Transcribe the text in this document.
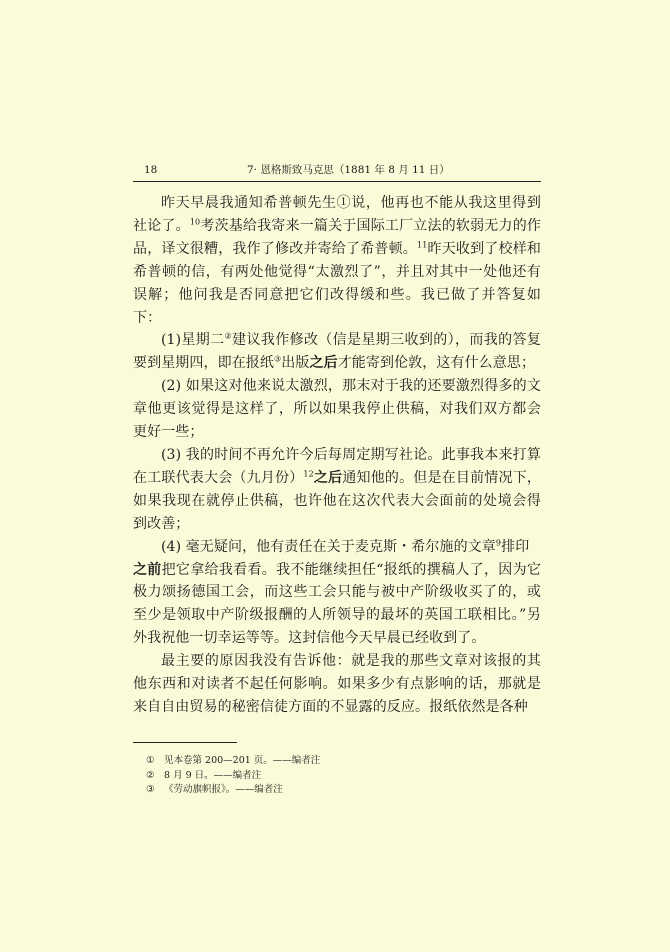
18	7· 恩格斯致马克思（1881 年 8 月 11 日）

昨天早晨我通知希普顿先生①说，他再也不能从我这里得到社论了。$^{10}$考茨基给我寄来一篇关于国际工厂立法的软弱无力的作品，译文很糟，我作了修改并寄给了希普顿。$^{11}$昨天收到了校样和希普顿的信，有两处他觉得“太激烈了”，并且对其中一处他还有误解；他问我是否同意把它们改得缓和些。我已做了并答复如下：

(1)星期二②建议我作修改（信是星期三收到的），而我的答复要到星期四，即在报纸③出版之后才能寄到伦敦，这有什么意思；

(2) 如果这对他来说太激烈，那末对于我的还要激烈得多的文章他更该觉得是这样了，所以如果我停止供稿，对我们双方都会更好一些；

(3) 我的时间不再允许今后每周定期写社论。此事我本来打算在工联代表大会（九月份）$^{12}$之后通知他的。但是在目前情况下，如果我现在就停止供稿，也许他在这次代表大会面前的处境会得到改善；

(4) 毫无疑问，他有责任在关于麦克斯・希尔施的文章$^9$排印
之前把它拿给我看看。我不能继续担任“报纸的撰稿人了，因为它极力颂扬德国工会，而这些工会只能与被中产阶级收买了的，或至少是领取中产阶级报酬的人所领导的最坏的英国工联相比。”另外我祝他一切幸运等等。这封信他今天早晨已经收到了。

最主要的原因我没有告诉他：就是我的那些文章对该报的其他东西和对读者不起任何影响。如果多少有点影响的话，那就是来自自由贸易的秘密信徒方面的不显露的反应。报纸依然是各种

① 见本卷第 200—201 页。——编者注
② 8 月 9 日。——编者注
③ 《劳动旗帜报》。——编者注
